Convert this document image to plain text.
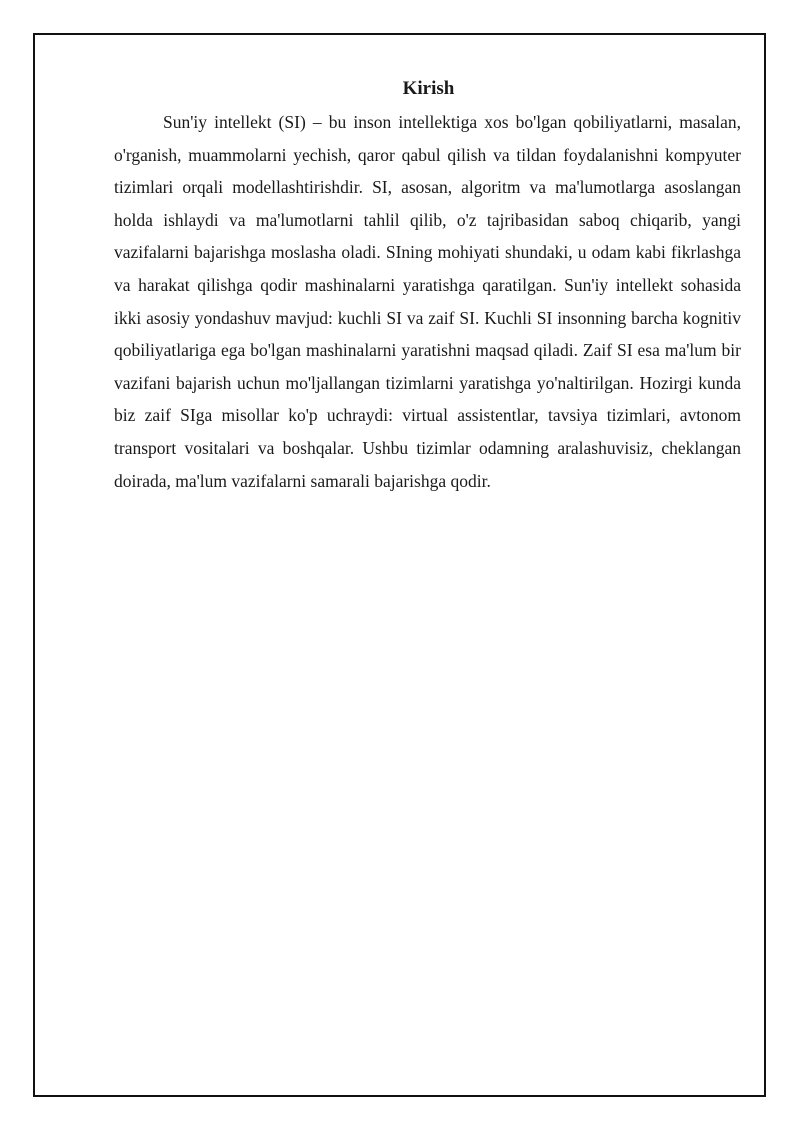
Kirish

Sun'iy intellekt (SI) – bu inson intellektiga xos bo'lgan qobiliyatlarni, masalan, o'rganish, muammolarni yechish, qaror qabul qilish va tildan foydalanishni kompyuter tizimlari orqali modellashtirishdir. SI, asosan, algoritm va ma'lumotlarga asoslangan holda ishlaydi va ma'lumotlarni tahlil qilib, o'z tajribasidan saboq chiqarib, yangi vazifalarni bajarishga moslasha oladi. SIning mohiyati shundaki, u odam kabi fikrlashga va harakat qilishga qodir mashinalarni yaratishga qaratilgan. Sun'iy intellekt sohasida ikki asosiy yondashuv mavjud: kuchli SI va zaif SI. Kuchli SI insonning barcha kognitiv qobiliyatlariga ega bo'lgan mashinalarni yaratishni maqsad qiladi. Zaif SI esa ma'lum bir vazifani bajarish uchun mo'ljallangan tizimlarni yaratishga yo'naltirilgan. Hozirgi kunda biz zaif SIga misollar ko'p uchraydi: virtual assistentlar, tavsiya tizimlari, avtonom transport vositalari va boshqalar. Ushbu tizimlar odamning aralashuvisiz, cheklangan doirada, ma'lum vazifalarni samarali bajarishga qodir.
